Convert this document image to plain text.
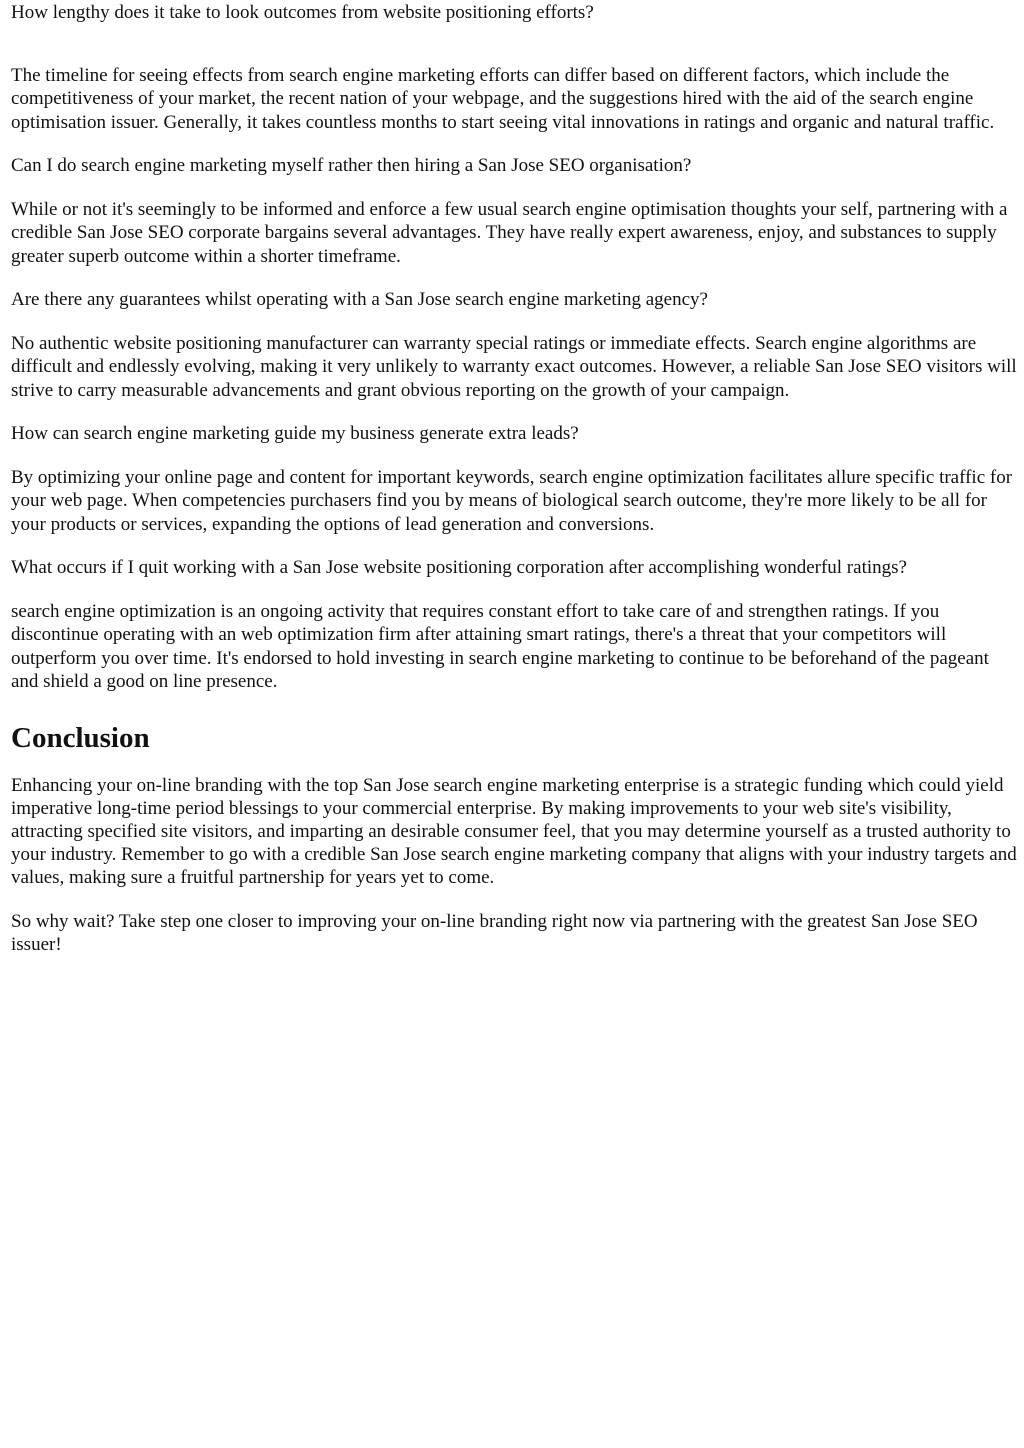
How lengthy does it take to look outcomes from website positioning efforts?

The timeline for seeing effects from search engine marketing efforts can differ based on different factors, which include the competitiveness of your market, the recent nation of your webpage, and the suggestions hired with the aid of the search engine optimisation issuer. Generally, it takes countless months to start seeing vital innovations in ratings and organic and natural traffic.

Can I do search engine marketing myself rather then hiring a San Jose SEO organisation?

While or not it's seemingly to be informed and enforce a few usual search engine optimisation thoughts your self, partnering with a credible San Jose SEO corporate bargains several advantages. They have really expert awareness, enjoy, and substances to supply greater superb outcome within a shorter timeframe.

Are there any guarantees whilst operating with a San Jose search engine marketing agency?

No authentic website positioning manufacturer can warranty special ratings or immediate effects. Search engine algorithms are difficult and endlessly evolving, making it very unlikely to warranty exact outcomes. However, a reliable San Jose SEO visitors will strive to carry measurable advancements and grant obvious reporting on the growth of your campaign.

How can search engine marketing guide my business generate extra leads?

By optimizing your online page and content for important keywords, search engine optimization facilitates allure specific traffic for your web page. When competencies purchasers find you by means of biological search outcome, they're more likely to be all for your products or services, expanding the options of lead generation and conversions.

What occurs if I quit working with a San Jose website positioning corporation after accomplishing wonderful ratings?

search engine optimization is an ongoing activity that requires constant effort to take care of and strengthen ratings. If you discontinue operating with an web optimization firm after attaining smart ratings, there's a threat that your competitors will outperform you over time. It's endorsed to hold investing in search engine marketing to continue to be beforehand of the pageant and shield a good on line presence.

Conclusion

Enhancing your on-line branding with the top San Jose search engine marketing enterprise is a strategic funding which could yield imperative long-time period blessings to your commercial enterprise. By making improvements to your web site's visibility, attracting specified site visitors, and imparting an desirable consumer feel, that you may determine yourself as a trusted authority to your industry. Remember to go with a credible San Jose search engine marketing company that aligns with your industry targets and values, making sure a fruitful partnership for years yet to come.

So why wait? Take step one closer to improving your on-line branding right now via partnering with the greatest San Jose SEO issuer!
